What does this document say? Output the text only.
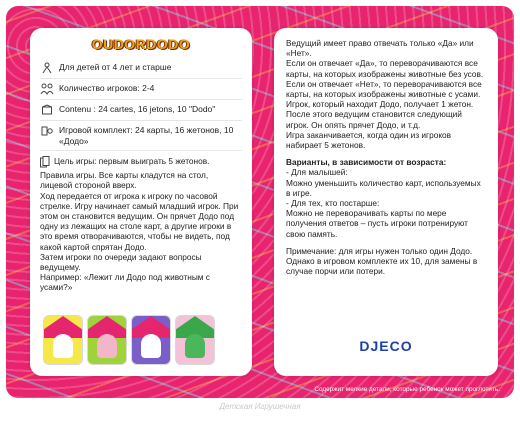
OUDORDODO
Для детей от 4 лет и старше
Количество игроков: 2-4
Contenu : 24 cartes, 16 jetons, 10 "Dodo"
Игровой комплект: 24 карты, 16 жетонов, 10 «Додо»

Цель игры: первым выиграть 5 жетонов.

Правила игры. Все карты кладутся на стол, лицевой стороной вверх.

Ход передается от игрока к игроку по часовой стрелке. Игру начинает самый младший игрок. При этом он становится ведущим. Он прячет Додо под одну из лежащих на столе карт, а другие игроки в это время отворачиваются, чтобы не видеть, под какой картой спрятан Додо.

Затем игроки по очереди задают вопросы ведущему.

Например: «Лежит ли Додо под животным с усами?»

Ведущий имеет право отвечать только «Да» или «Нет».

Если он отвечает «Да», то переворачиваются все карты, на которых изображены животные без усов.

Если он отвечает «Нет», то переворачиваются все карты, на которых изображены животные с усами.

Игрок, который находит Додо, получает 1 жетон.

После этого ведущим становится следующий игрок. Он опять прячет Додо, и т.д.

Игра заканчивается, когда один из игроков набирает 5 жетонов.

Варианты, в зависимости от возраста:

- Для малышей:

Можно уменьшить количество карт, используемых в игре.

- Для тех, кто постарше:

Можно не переворачивать карты по мере получения ответов – пусть игроки потренируют свою память.

Примечание: для игры нужен только один Додо. Однако в игровом комплекте их 10, для замены в случае порчи или потери.

DJECO
Содержит мелкие детали, которые ребенок может проглотить.
Детская Игрушечная
